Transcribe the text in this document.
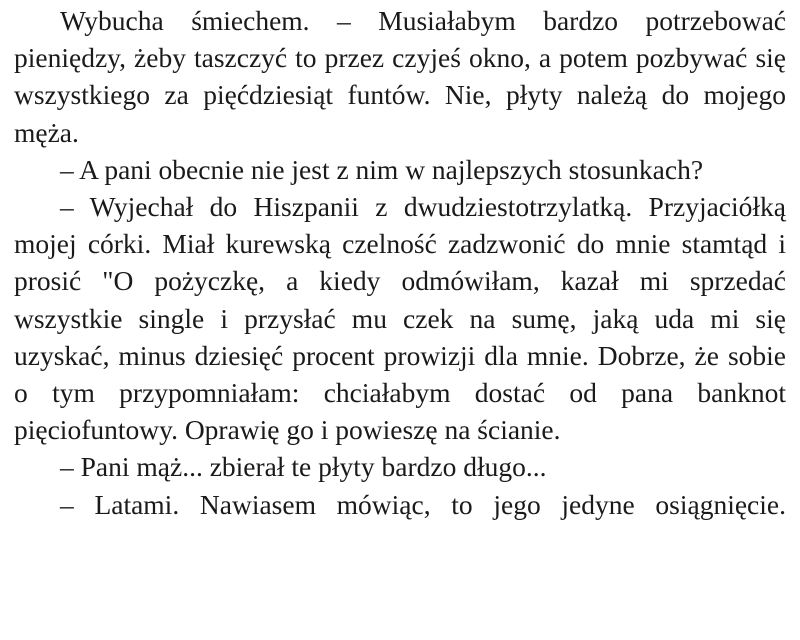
Wybucha śmiechem. – Musiałabym bardzo potrzebować pieniędzy, żeby taszczyć to przez czyjeś okno, a potem pozbywać się wszystkiego za pięćdziesiąt funtów. Nie, płyty należą do mojego męża.

– A pani obecnie nie jest z nim w najlepszych stosunkach?

– Wyjechał do Hiszpanii z dwudziestotrzylatką. Przyjaciółką mojej córki. Miał kurewską czelność zadzwonić do mnie stamtąd i prosić "O pożyczkę, a kiedy odmówiłam, kazał mi sprzedać wszystkie single i przysłać mu czek na sumę, jaką uda mi się uzyskać, minus dziesięć procent prowizji dla mnie. Dobrze, że sobie o tym przypomniałam: chciałabym dostać od pana banknot pięciofuntowy. Oprawię go i powieszę na ścianie.

– Pani mąż... zbierał te płyty bardzo długo...

– Latami. Nawiasem mówiąc, to jego jedyne osiągnięcie.
